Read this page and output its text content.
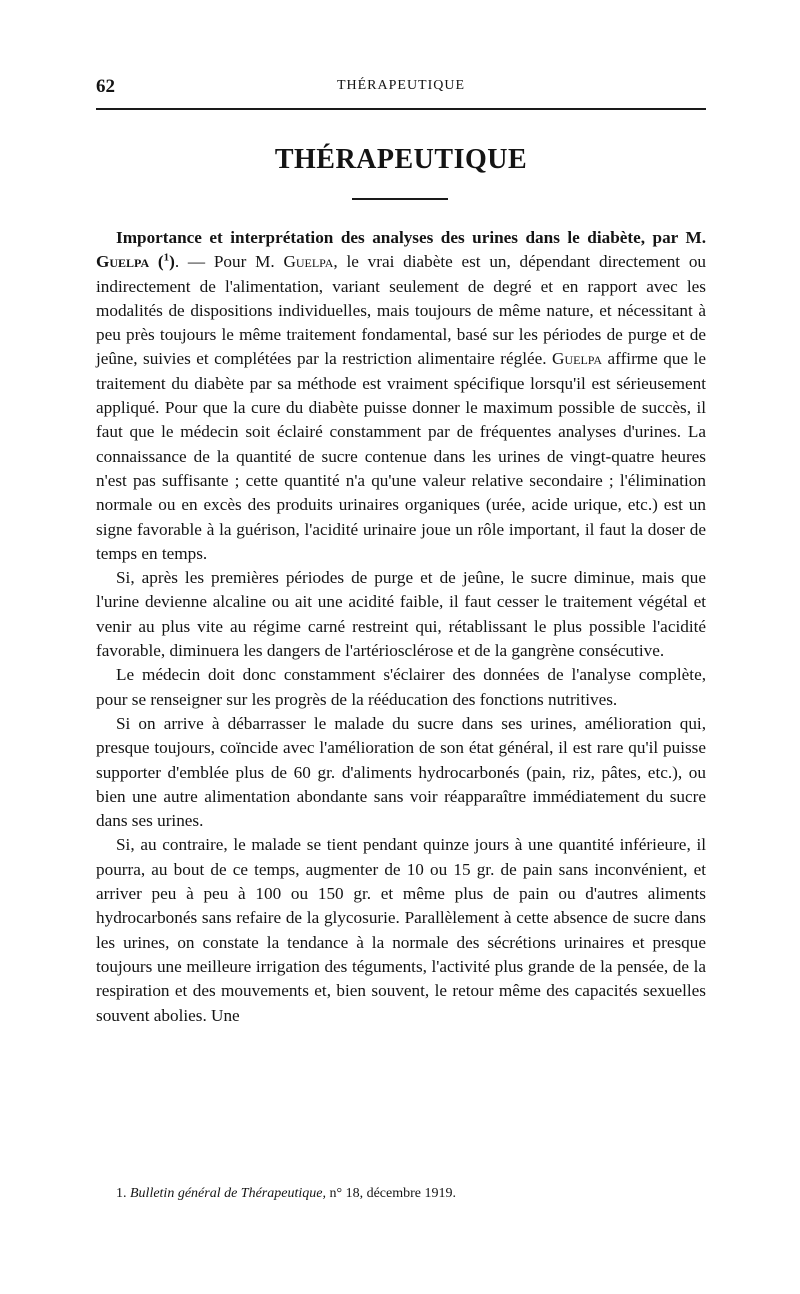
62	THÉRAPEUTIQUE
THÉRAPEUTIQUE

Importance et interprétation des analyses des urines dans le diabète, par M. Guelpa ($^1$). — Pour M. Guelpa, le vrai diabète est un, dépendant directement ou indirectement de l'alimentation, variant seulement de degré et en rapport avec les modalités de dispositions individuelles, mais toujours de même nature, et nécessitant à peu près toujours le même traitement fondamental, basé sur les périodes de purge et de jeûne, suivies et complétées par la restriction alimentaire réglée. Guelpa affirme que le traitement du diabète par sa méthode est vraiment spécifique lorsqu'il est sérieusement appliqué. Pour que la cure du diabète puisse donner le maximum possible de succès, il faut que le médecin soit éclairé constamment par de fréquentes analyses d'urines. La connaissance de la quantité de sucre contenue dans les urines de vingt-quatre heures n'est pas suffisante ; cette quantité n'a qu'une valeur relative secondaire ; l'élimination normale ou en excès des produits urinaires organiques (urée, acide urique, etc.) est un signe favorable à la guérison, l'acidité urinaire joue un rôle important, il faut la doser de temps en temps.

Si, après les premières périodes de purge et de jeûne, le sucre diminue, mais que l'urine devienne alcaline ou ait une acidité faible, il faut cesser le traitement végétal et venir au plus vite au régime carné restreint qui, rétablissant le plus possible l'acidité favorable, diminuera les dangers de l'artériosclérose et de la gangrène consécutive.

Le médecin doit donc constamment s'éclairer des données de l'analyse complète, pour se renseigner sur les progrès de la rééducation des fonctions nutritives.

Si on arrive à débarrasser le malade du sucre dans ses urines, amélioration qui, presque toujours, coïncide avec l'amélioration de son état général, il est rare qu'il puisse supporter d'emblée plus de 60 gr. d'aliments hydrocarbonés (pain, riz, pâtes, etc.), ou bien une autre alimentation abondante sans voir réapparaître immédiatement du sucre dans ses urines.

Si, au contraire, le malade se tient pendant quinze jours à une quantité inférieure, il pourra, au bout de ce temps, augmenter de 10 ou 15 gr. de pain sans inconvénient, et arriver peu à peu à 100 ou 150 gr. et même plus de pain ou d'autres aliments hydrocarbonés sans refaire de la glycosurie. Parallèlement à cette absence de sucre dans les urines, on constate la tendance à la normale des sécrétions urinaires et presque toujours une meilleure irrigation des téguments, l'activité plus grande de la pensée, de la respiration et des mouvements et, bien souvent, le retour même des capacités sexuelles souvent abolies. Une

1. Bulletin général de Thérapeutique, n° 18, décembre 1919.
